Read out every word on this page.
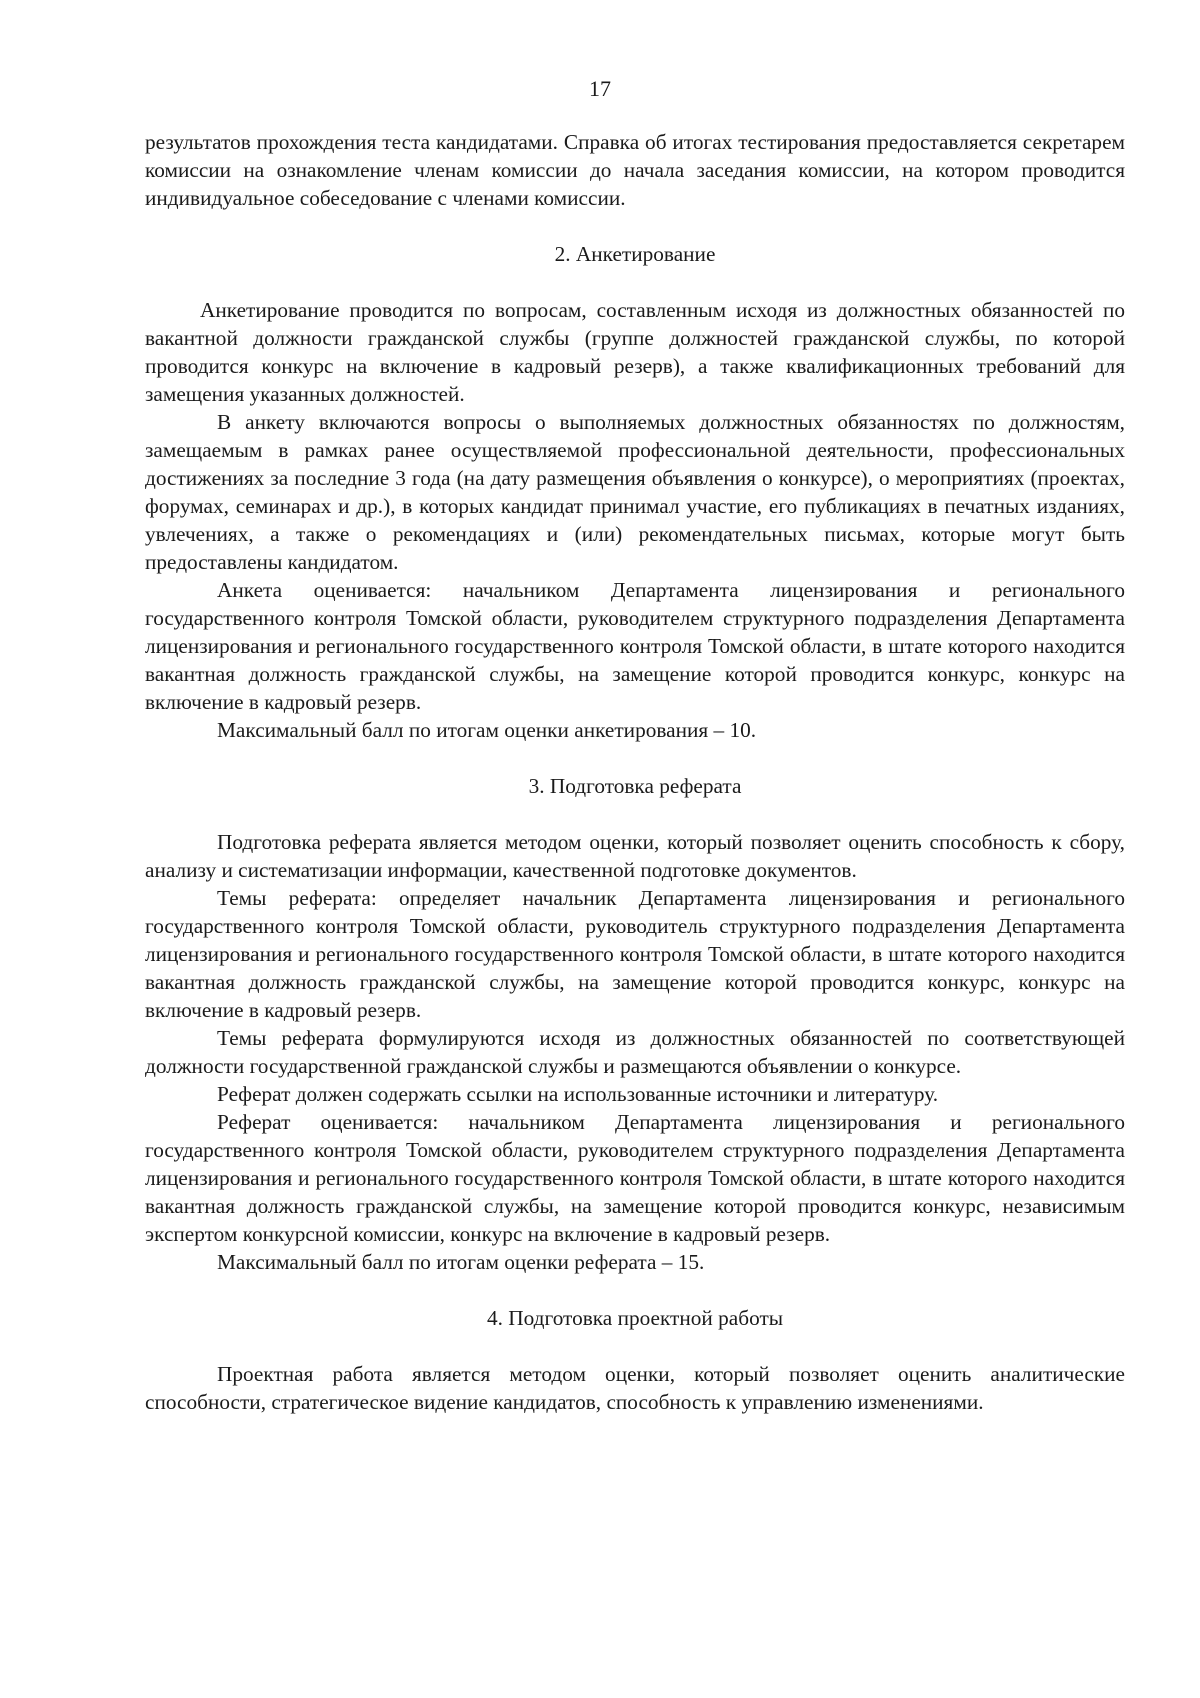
17

результатов прохождения теста кандидатами. Справка об итогах тестирования предоставляется секретарем комиссии на ознакомление членам комиссии до начала заседания комиссии, на котором проводится индивидуальное собеседование с членами комиссии.

2. Анкетирование

Анкетирование проводится по вопросам, составленным исходя из должностных обязанностей по вакантной должности гражданской службы (группе должностей гражданской службы, по которой проводится конкурс на включение в кадровый резерв), а также квалификационных требований для замещения указанных должностей.

В анкету включаются вопросы о выполняемых должностных обязанностях по должностям, замещаемым в рамках ранее осуществляемой профессиональной деятельности, профессиональных достижениях за последние 3 года (на дату размещения объявления о конкурсе), о мероприятиях (проектах, форумах, семинарах и др.), в которых кандидат принимал участие, его публикациях в печатных изданиях, увлечениях, а также о рекомендациях и (или) рекомендательных письмах, которые могут быть предоставлены кандидатом.

Анкета оценивается: начальником Департамента лицензирования и регионального государственного контроля Томской области, руководителем структурного подразделения Департамента лицензирования и регионального государственного контроля Томской области, в штате которого находится вакантная должность гражданской службы, на замещение которой проводится конкурс, конкурс на включение в кадровый резерв.

Максимальный балл по итогам оценки анкетирования – 10.

3. Подготовка реферата

Подготовка реферата является методом оценки, который позволяет оценить способность к сбору, анализу и систематизации информации, качественной подготовке документов.

Темы реферата: определяет начальник Департамента лицензирования и регионального государственного контроля Томской области, руководитель структурного подразделения Департамента лицензирования и регионального государственного контроля Томской области, в штате которого находится вакантная должность гражданской службы, на замещение которой проводится конкурс, конкурс на включение в кадровый резерв.

Темы реферата формулируются исходя из должностных обязанностей по соответствующей должности государственной гражданской службы и размещаются объявлении о конкурсе.

Реферат должен содержать ссылки на использованные источники и литературу.

Реферат оценивается: начальником Департамента лицензирования и регионального государственного контроля Томской области, руководителем структурного подразделения Департамента лицензирования и регионального государственного контроля Томской области, в штате которого находится вакантная должность гражданской службы, на замещение которой проводится конкурс, независимым экспертом конкурсной комиссии, конкурс на включение в кадровый резерв.

Максимальный балл по итогам оценки реферата – 15.

4. Подготовка проектной работы

Проектная работа является методом оценки, который позволяет оценить аналитические способности, стратегическое видение кандидатов, способность к управлению изменениями.
